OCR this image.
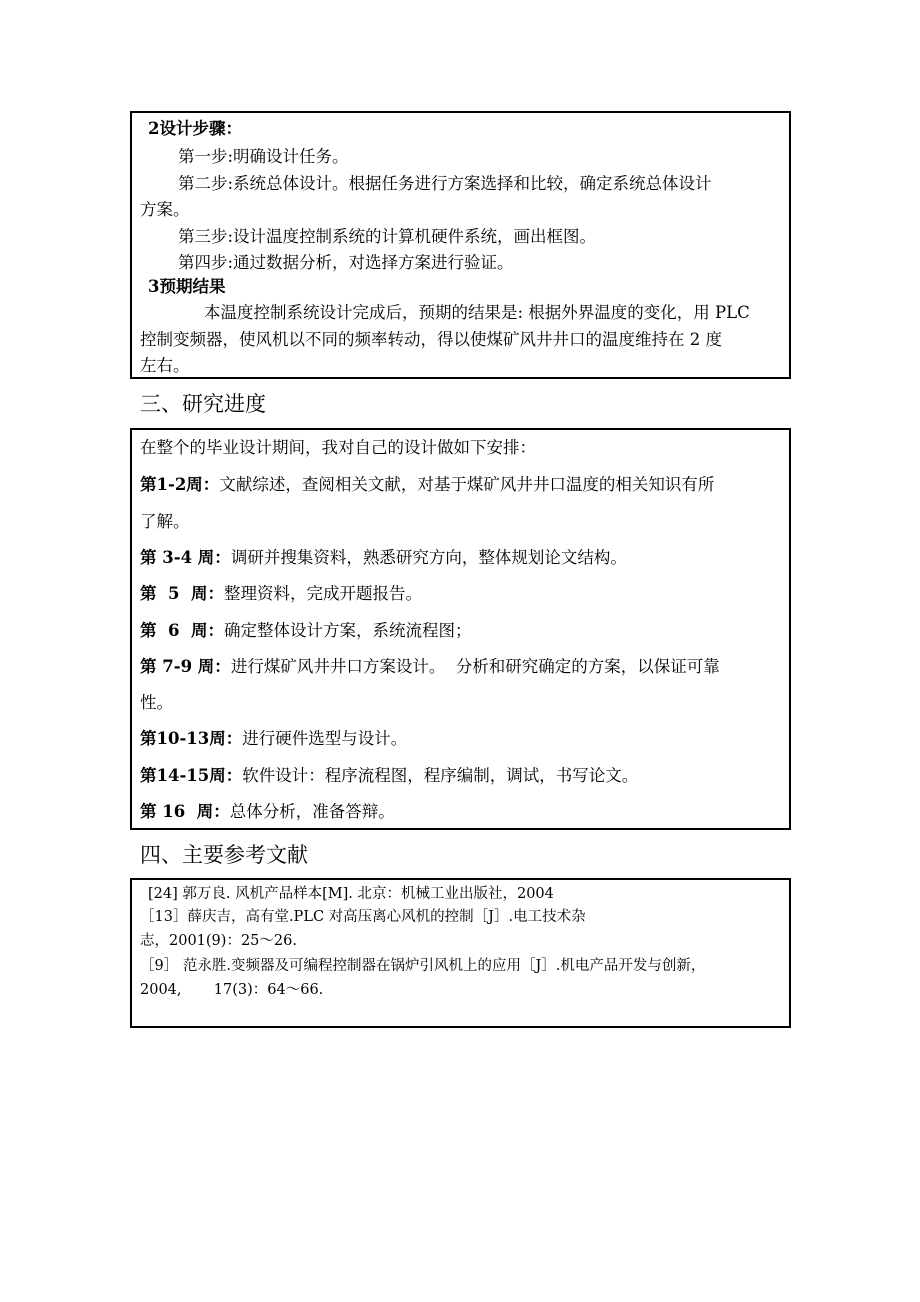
2设计步骤：
第一步:明确设计任务。
第二步:系统总体设计。根据任务进行方案选择和比较，确定系统总体设计
方案。
第三步:设计温度控制系统的计算机硬件系统，画出框图。
第四步:通过数据分析，对选择方案进行验证。
3预期结果
本温度控制系统设计完成后，预期的结果是: 根据外界温度的变化，用 PLC
控制变频器，使风机以不同的频率转动，得以使煤矿风井井口的温度维持在 2 度
左右。
三、研究进度
在整个的毕业设计期间，我对自己的设计做如下安排：
第1-2周：文献综述，查阅相关文献，对基于煤矿风井井口温度的相关知识有所
了解。
第 3-4 周：调研并搜集资料，熟悉研究方向，整体规划论文结构。
第  5  周：整理资料，完成开题报告。
第  6  周：确定整体设计方案，系统流程图；
第 7-9 周：进行煤矿风井井口方案设计。  分析和研究确定的方案，以保证可靠
性。
第10-13周：进行硬件选型与设计。
第14-15周：软件设计：程序流程图，程序编制，调试，书写论文。
第 16  周：总体分析，准备答辩。
四、主要参考文献
[24] 郭万良. 风机产品样本[M]. 北京：机械工业出版社，2004
［13］薛庆吉，高有堂.PLC 对高压离心风机的控制［J］.电工技术杂
志，2001(9)：25～26.
［9］ 范永胜.变频器及可编程控制器在锅炉引风机上的应用［J］.机电产品开发与创新，
2004,       17(3)：64～66.
